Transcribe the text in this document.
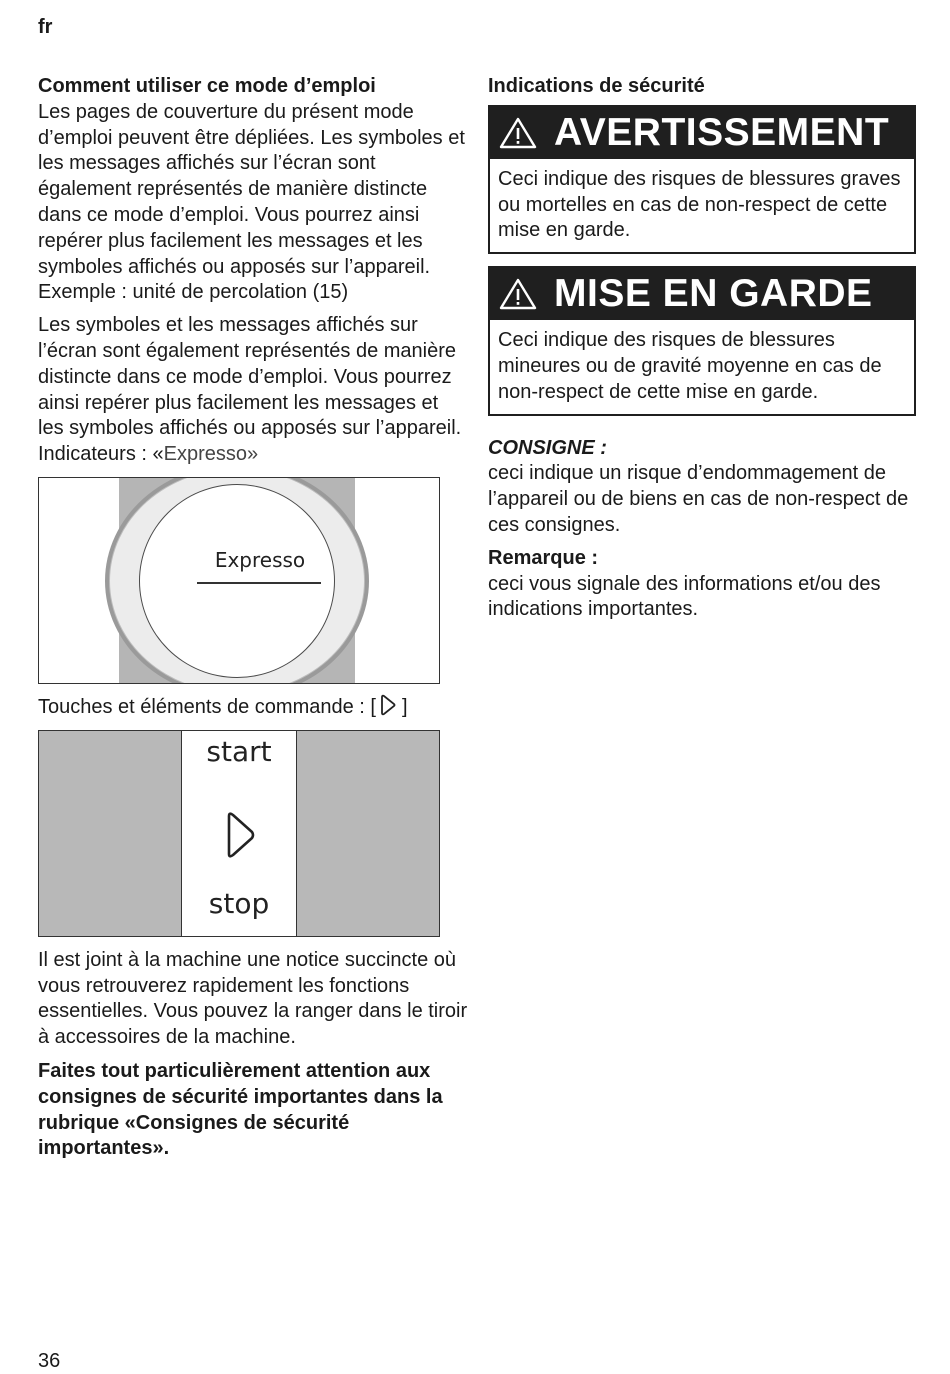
fr

Comment utiliser ce mode d’emploi

Les pages de couverture du présent mode d’emploi peuvent être dépliées. Les symboles et les messages affichés sur l’écran sont également représentés de manière distincte dans ce mode d’emploi. Vous pourrez ainsi repérer plus facilement les messages et les symboles affichés ou apposés sur l’appareil.

Exemple : unité de percolation (15)

Les symboles et les messages affichés sur l’écran sont également représentés de manière distincte dans ce mode d’emploi. Vous pourrez ainsi repérer plus facilement les messages et les symboles affichés ou apposés sur l’appareil.

Indicateurs : «Expresso»

Expresso

Touches et éléments de commande : [ ]

start
stop

Il est joint à la machine une notice succincte où vous retrouverez rapidement les fonctions essentielles. Vous pouvez la ranger dans le tiroir à accessoires de la machine.

Faites tout particulièrement attention aux consignes de sécurité importantes dans la rubrique «Consignes de sécurité importantes».

Indications de sécurité

AVERTISSEMENT
Ceci indique des risques de blessures graves ou mortelles en cas de non-respect de cette mise en garde.
MISE EN GARDE
Ceci indique des risques de blessures mineures ou de gravité moyenne en cas de non-respect de cette mise en garde.

CONSIGNE :

ceci indique un risque d’endommagement de l’appareil ou de biens en cas de non-respect de ces consignes.

Remarque :

ceci vous signale des informations et/ou des indications importantes.

36
